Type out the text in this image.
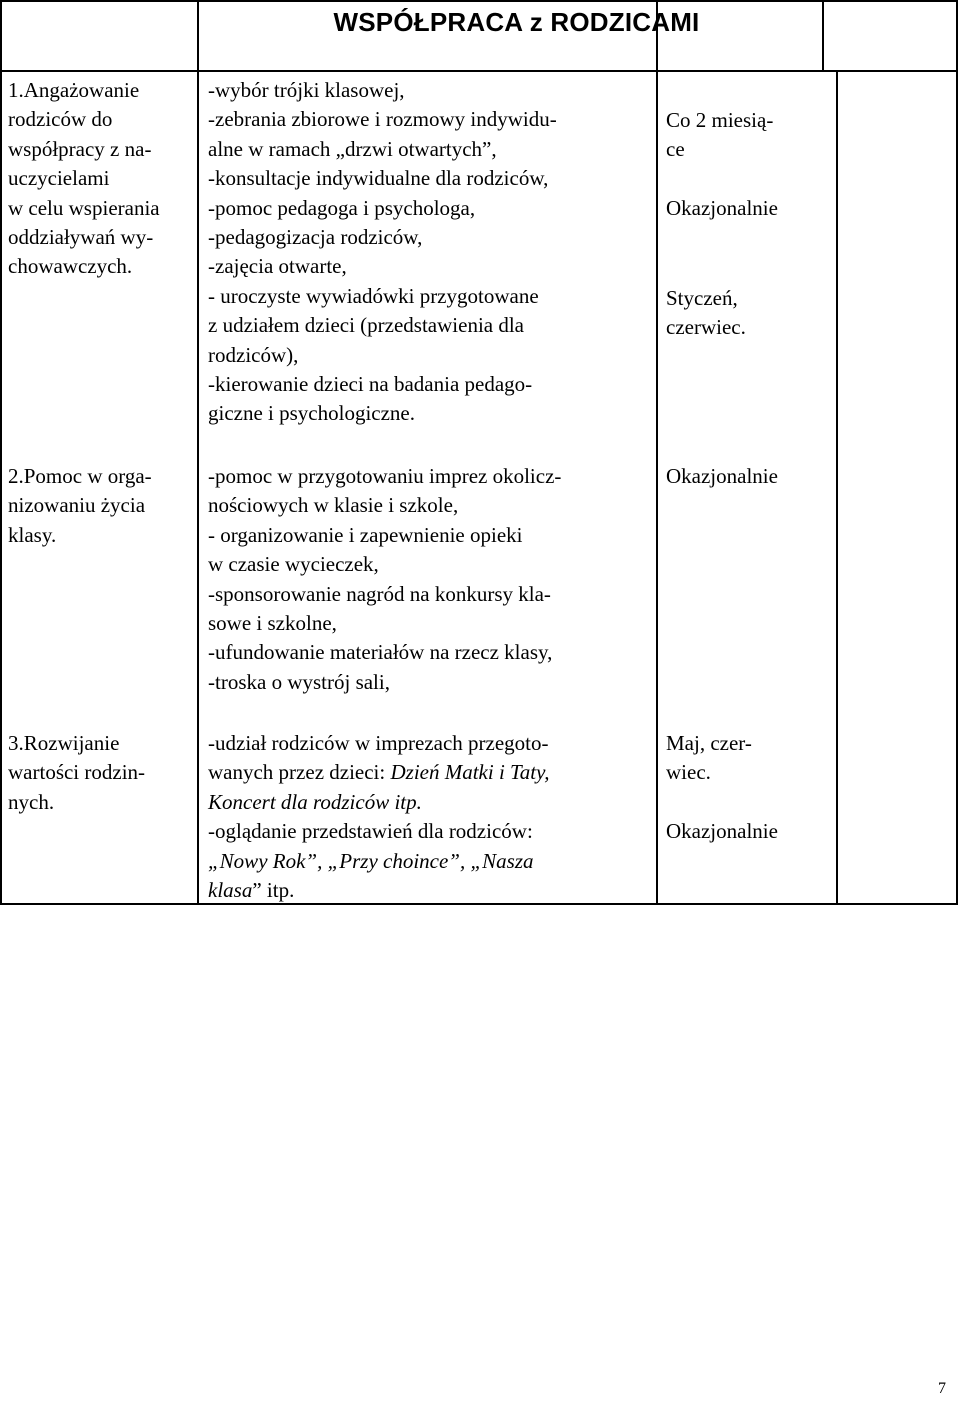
WSPÓŁPRACA z RODZICAMI
1.Angażowanie
rodziców do
współpracy z na-
uczycielami
w celu wspierania
oddziaływań wy-
chowawczych.
-wybór trójki klasowej,
-zebrania zbiorowe i rozmowy indywidu-
alne w ramach „drzwi otwartych”,
-konsultacje indywidualne dla rodziców,
-pomoc pedagoga i psychologa,
-pedagogizacja rodziców,
-zajęcia otwarte,
- uroczyste wywiadówki przygotowane
z udziałem dzieci (przedstawienia dla
rodziców),
-kierowanie dzieci na badania pedago-
giczne i psychologiczne.
Co 2 miesią-
ce
Okazjonalnie
Styczeń,
czerwiec.
2.Pomoc w orga-
nizowaniu życia
klasy.
-pomoc w przygotowaniu imprez okolicz-
nościowych w klasie i szkole,
- organizowanie i zapewnienie opieki
w czasie wycieczek,
-sponsorowanie nagród na konkursy kla-
sowe i szkolne,
-ufundowanie materiałów na rzecz klasy,
-troska o wystrój sali,
Okazjonalnie
3.Rozwijanie
wartości rodzin-
nych.
-udział rodziców w imprezach przegoto-
wanych przez dzieci: Dzień Matki i Taty,
Koncert dla rodziców itp.
-oglądanie przedstawień dla rodziców:
„Nowy Rok”, „Przy choince”, „Nasza
klasa” itp.
Maj, czer-
wiec.
Okazjonalnie
7
